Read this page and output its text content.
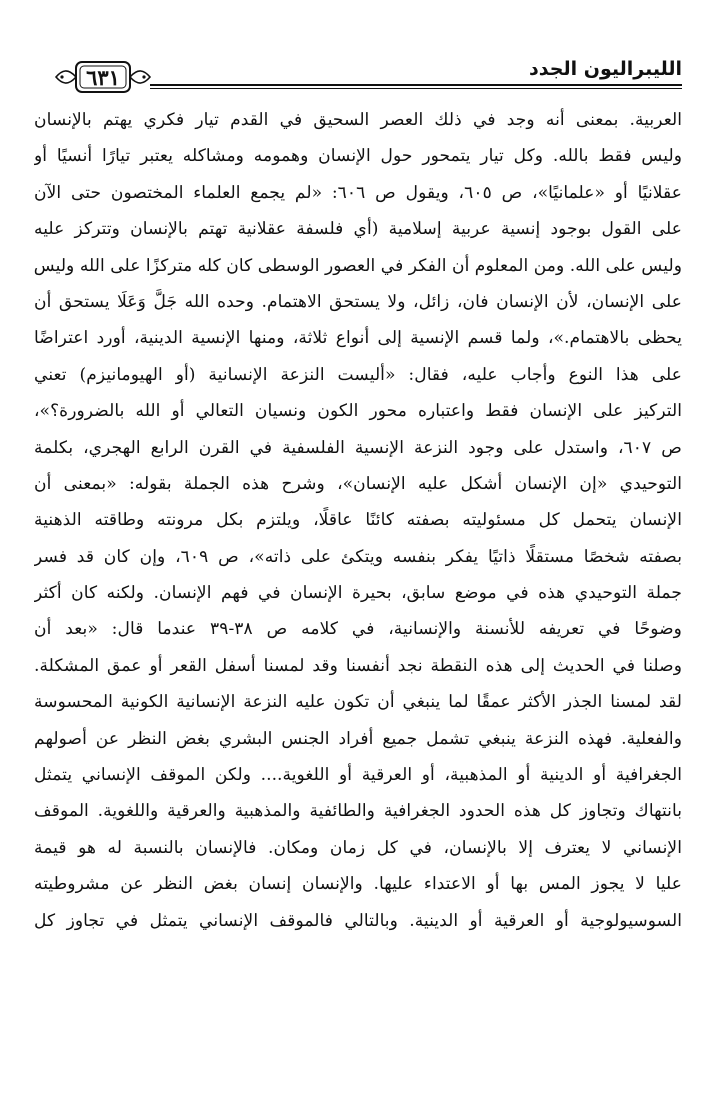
الليبراليون الجدد
٦٣١
العربية. بمعنى أنه وجد في ذلك العصر السحيق في القدم تيار فكري يهتم بالإنسان
وليس فقط بالله. وكل تيار يتمحور حول الإنسان وهمومه ومشاكله يعتبر تيارًا أنسيًا أو
عقلانيًا أو «علمانيًا»، ص ٦٠٥، ويقول ص ٦٠٦: «لم يجمع العلماء المختصون حتى الآن
على القول بوجود إنسية عربية إسلامية (أي فلسفة عقلانية تهتم بالإنسان وتتركز عليه
وليس على الله. ومن المعلوم أن الفكر في العصور الوسطى كان كله متركزًا على الله وليس
على الإنسان، لأن الإنسان فان، زائل، ولا يستحق الاهتمام. وحده الله جَلَّ وَعَلَا يستحق أن
يحظى بالاهتمام.»، ولما قسم الإنسية إلى أنواع ثلاثة، ومنها الإنسية الدينية، أورد اعتراضًا
على هذا النوع وأجاب عليه، فقال: «أليست النزعة الإنسانية (أو الهيومانيزم) تعني
التركيز على الإنسان فقط واعتباره محور الكون ونسيان التعالي أو الله بالضرورة؟»،
ص ٦٠٧، واستدل على وجود النزعة الإنسية الفلسفية في القرن الرابع الهجري، بكلمة
التوحيدي «إن الإنسان أشكل عليه الإنسان»، وشرح هذه الجملة بقوله: «بمعنى أن
الإنسان يتحمل كل مسئوليته بصفته كائنًا عاقلًا، ويلتزم بكل مرونته وطاقته الذهنية
بصفته شخصًا مستقلًا ذاتيًا يفكر بنفسه ويتكئ على ذاته»، ص ٦٠٩، وإن كان قد فسر
جملة التوحيدي هذه في موضع سابق، بحيرة الإنسان في فهم الإنسان. ولكنه كان أكثر
وضوحًا في تعريفه للأنسنة والإنسانية، في كلامه ص ٣٨-٣٩ عندما قال: «بعد أن
وصلنا في الحديث إلى هذه النقطة نجد أنفسنا وقد لمسنا أسفل القعر أو عمق المشكلة.
لقد لمسنا الجذر الأكثر عمقًا لما ينبغي أن تكون عليه النزعة الإنسانية الكونية المحسوسة
والفعلية. فهذه النزعة ينبغي تشمل جميع أفراد الجنس البشري بغض النظر عن أصولهم
الجغرافية أو الدينية أو المذهبية، أو العرقية أو اللغوية.... ولكن الموقف الإنساني يتمثل
بانتهاك وتجاوز كل هذه الحدود الجغرافية والطائفية والمذهبية والعرقية واللغوية. الموقف
الإنساني لا يعترف إلا بالإنسان، في كل زمان ومكان. فالإنسان بالنسبة له هو قيمة
عليا لا يجوز المس بها أو الاعتداء عليها. والإنسان إنسان بغض النظر عن مشروطيته
السوسيولوجية أو العرقية أو الدينية. وبالتالي فالموقف الإنساني يتمثل في تجاوز كل
